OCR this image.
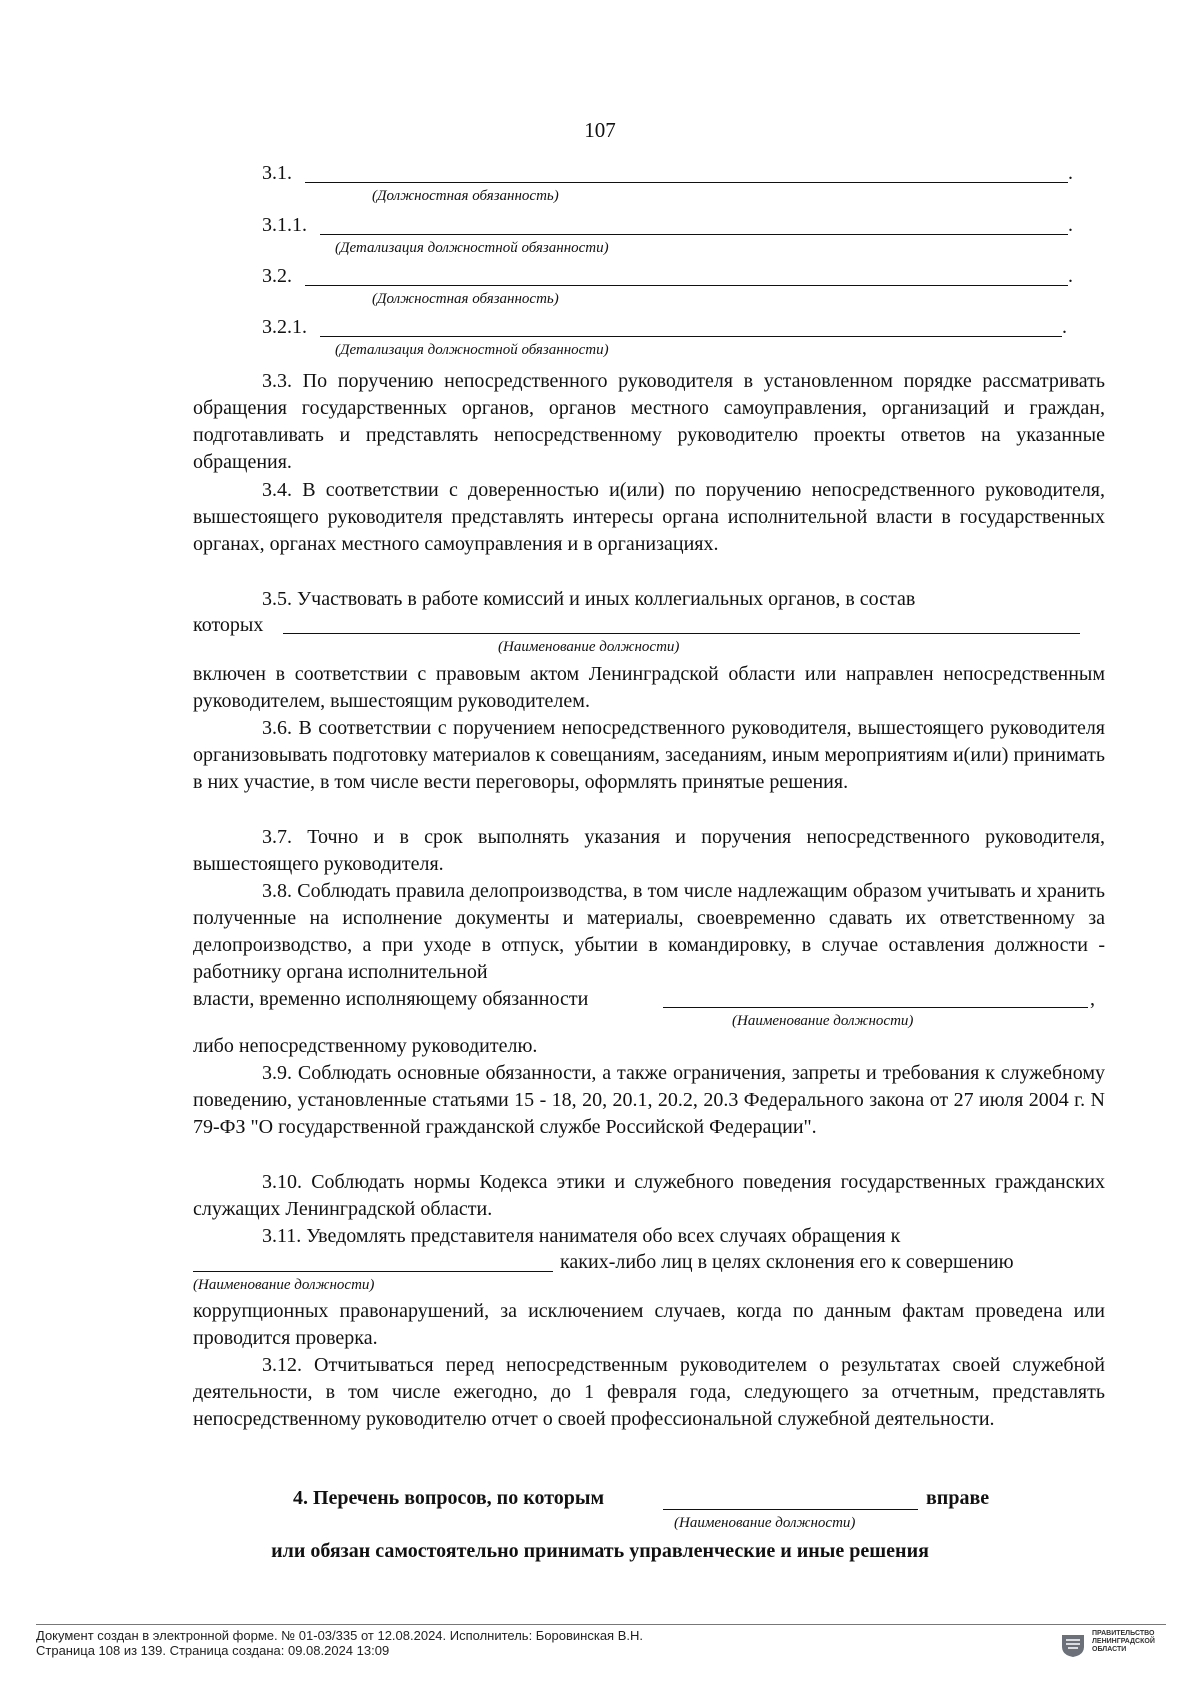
107
3.1.	.
(Должностная обязанность)
3.1.1.	.
(Детализация должностной обязанности)
3.2.	.
(Должностная обязанность)
3.2.1.	.
(Детализация должностной обязанности)

3.3. По поручению непосредственного руководителя в установленном порядке рассматривать обращения государственных органов, органов местного самоуправления, организаций и граждан, подготавливать и представлять непосредственному руководителю проекты ответов на указанные обращения.

3.4. В соответствии с доверенностью и(или) по поручению непосредственного руководителя, вышестоящего руководителя представлять интересы органа исполнительной власти в государственных органах, органах местного самоуправления и в организациях.

3.5. Участвовать в работе комиссий и иных коллегиальных органов, в состав

которых
(Наименование должности)

включен в соответствии с правовым актом Ленинградской области или направлен непосредственным руководителем, вышестоящим руководителем.

3.6. В соответствии с поручением непосредственного руководителя, вышестоящего руководителя организовывать подготовку материалов к совещаниям, заседаниям, иным мероприятиям и(или) принимать в них участие, в том числе вести переговоры, оформлять принятые решения.

3.7. Точно и в срок выполнять указания и поручения непосредственного руководителя, вышестоящего руководителя.

3.8. Соблюдать правила делопроизводства, в том числе надлежащим образом учитывать и хранить полученные на исполнение документы и материалы, своевременно сдавать их ответственному за делопроизводство, а при уходе в отпуск, убытии в командировку, в случае оставления должности - работнику органа исполнительной

власти, временно исполняющему обязанности	,
(Наименование должности)
либо непосредственному руководителю.

3.9. Соблюдать основные обязанности, а также ограничения, запреты и требования к служебному поведению, установленные статьями 15 - 18, 20, 20.1, 20.2, 20.3 Федерального закона от 27 июля 2004 г. N 79-ФЗ "О государственной гражданской службе Российской Федерации".

3.10. Соблюдать нормы Кодекса этики и служебного поведения государственных гражданских служащих Ленинградской области.

3.11. Уведомлять представителя нанимателя обо всех случаях обращения к

каких-либо лиц в целях склонения его к совершению
(Наименование должности)

коррупционных правонарушений, за исключением случаев, когда по данным фактам проведена или проводится проверка.

3.12. Отчитываться перед непосредственным руководителем о результатах своей служебной деятельности, в том числе ежегодно, до 1 февраля года, следующего за отчетным, представлять непосредственному руководителю отчет о своей профессиональной служебной деятельности.

4. Перечень вопросов, по которым	вправе
(Наименование должности)
или обязан самостоятельно принимать управленческие и иные решения
Документ создан в электронной форме. № 01-03/335 от 12.08.2024. Исполнитель: Боровинская В.Н.
Страница 108 из 139. Страница создана: 09.08.2024 13:09
ПРАВИТЕЛЬСТВО
ЛЕНИНГРАДСКОЙ
ОБЛАСТИ
